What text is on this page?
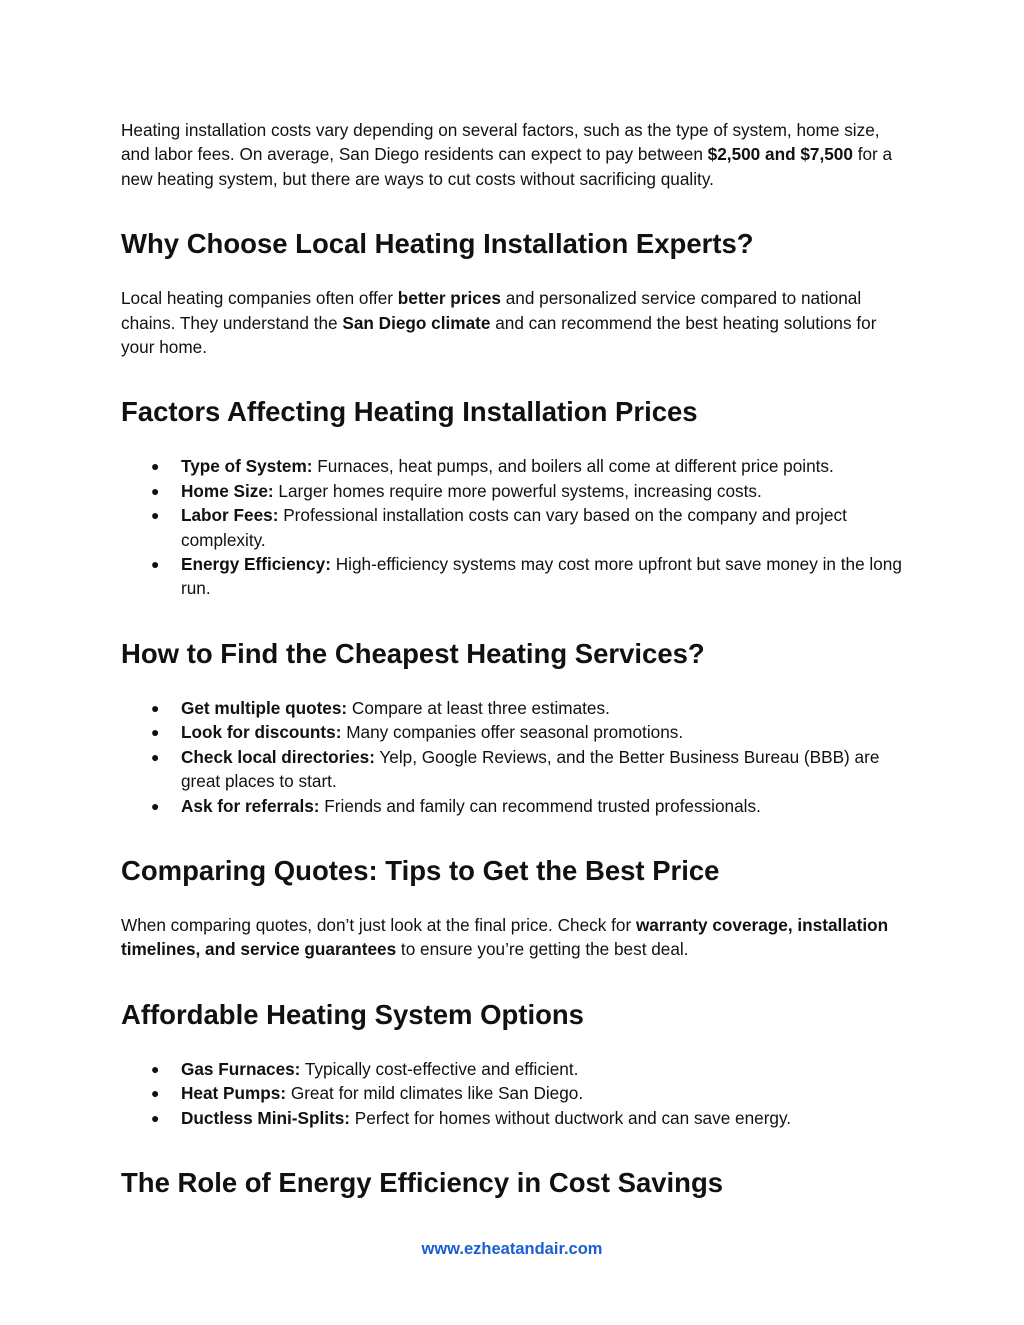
Heating installation costs vary depending on several factors, such as the type of system, home size, and labor fees. On average, San Diego residents can expect to pay between $2,500 and $7,500 for a new heating system, but there are ways to cut costs without sacrificing quality.

Why Choose Local Heating Installation Experts?

Local heating companies often offer better prices and personalized service compared to national chains. They understand the San Diego climate and can recommend the best heating solutions for your home.

Factors Affecting Heating Installation Prices
● Type of System: Furnaces, heat pumps, and boilers all come at different price points.
● Home Size: Larger homes require more powerful systems, increasing costs.
● Labor Fees: Professional installation costs can vary based on the company and project complexity.
● Energy Efficiency: High-efficiency systems may cost more upfront but save money in the long run.
How to Find the Cheapest Heating Services?
● Get multiple quotes: Compare at least three estimates.
● Look for discounts: Many companies offer seasonal promotions.
● Check local directories: Yelp, Google Reviews, and the Better Business Bureau (BBB) are great places to start.
● Ask for referrals: Friends and family can recommend trusted professionals.
Comparing Quotes: Tips to Get the Best Price

When comparing quotes, don’t just look at the final price. Check for warranty coverage, installation timelines, and service guarantees to ensure you’re getting the best deal.

Affordable Heating System Options
● Gas Furnaces: Typically cost-effective and efficient.
● Heat Pumps: Great for mild climates like San Diego.
● Ductless Mini-Splits: Perfect for homes without ductwork and can save energy.
The Role of Energy Efficiency in Cost Savings
www.ezheatandair.com
